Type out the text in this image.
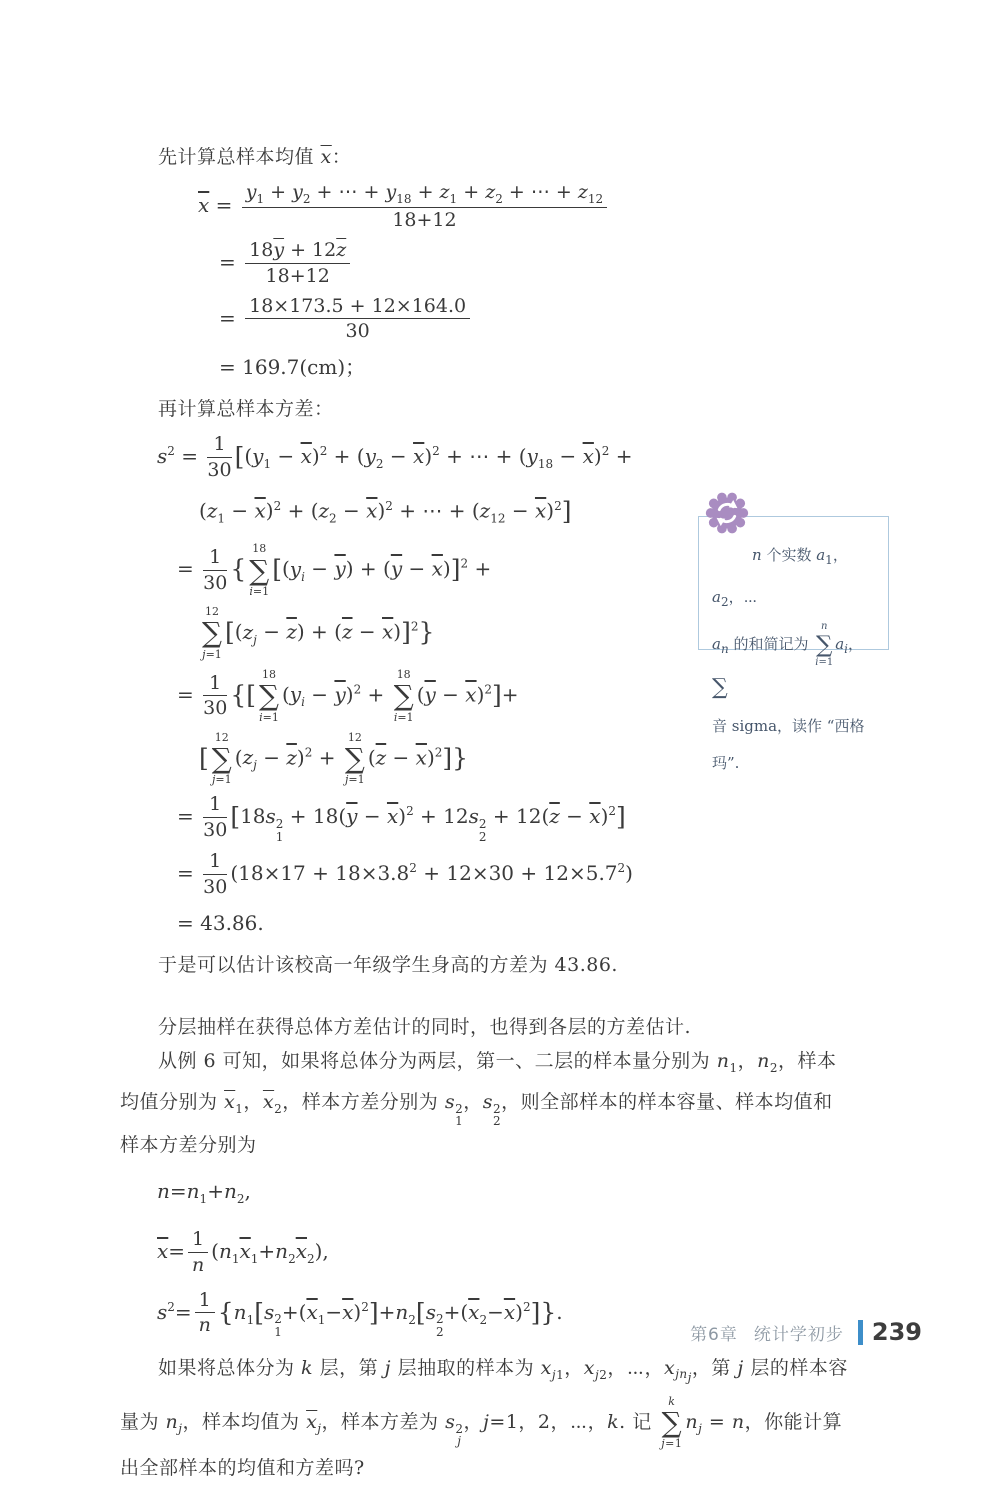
先计算总样本均值 $\overline{x}$：
$\overline{x} = \frac{y_1 + y_2 + \cdots + y_{18} + z_1 + z_2 + \cdots + z_{12}}{18+12}$
= $\frac{18\overline{y} + 12\overline{z}}{18+12}$
= $\frac{18\times 173.5 + 12\times 164.0}{30}$
= 169.7(cm)；
再计算总样本方差：
$s^2 = \frac{1}{30} [(y_1 - \overline{x})^2 + (y_2 - \overline{x})^2$ + ⋯ + $(y_{18} - \overline{x})^2$ +
$(z_1 - \overline{x})^2 + (z_2 - \overline{x})^2$ + ⋯ + $(z_{12} - \overline{x})^2$]
= $\frac{1}{30}$ {
18
∑
i=1
$[(y_i - \overline{y}) + (\overline{y} - \overline{x})]^2$ +
12
∑
j=1
$[(z_j - \overline{z}) + (\overline{z} - \overline{x})]^2$}
= $\frac{1}{30}$ {[
18
∑
i=1
$(y_i - \overline{y})^2$ +
18
∑
i=1
$(\overline{y} - \overline{x})^2]+$
[
12
∑
j=1
$(z_j - \overline{z})^2$ +
12
∑
j=1
$(\overline{z} - \overline{x})^2$]}
= $\frac{1}{30} [18s$ 2
1
+ $18(\overline{y} - \overline{x})^2 + 12s$ 2
2
+ $12(\overline{z} - \overline{x})^2$]
= $\frac{1}{30} (18\times 17 + 18\times 3.8^2 + 12\times 30 + 12\times 5.7^2)$
= 43.86.
于是可以估计该校高一年级学生身高的方差为 43.86.
分层抽样在获得总体方差估计的同时，也得到各层的方差估计.
从例 6 可知，如果将总体分为两层，第一、二层的样本量分别为 $n_1$，$n_2$，样本
均值分别为 $\overline{x}_1$，$\overline{x}_2$，样本方差分别为 s 2
1
，s 2
2
，则全部样本的样本容量、样本均值和
样本方差分别为
$n=n_1+n_2$,
$\overline{x}= \frac{1}{n} (n_1\overline{x}_1+n_2\overline{x}_2)$,
$s^2= \frac{1}{n} \{n_1[s$ 2
1
$+(\overline{x}_1-\overline{x})^2]+n_2[s$ 2
2
$+(\overline{x}_2-\overline{x})^2$]}.
如果将总体分为 k 层，第 j 层抽取的样本为 $x_{j1}$，$x_{j2}$，⋯，$x_{jn_j}$，第 j 层的样本容
量为 $n_j$，样本均值为 $\overline{x}_j$，样本方差为 s 2
j
，j=1，2，⋯，k. 记
k
∑
j=1
$n_j = n$，你能计算
出全部样本的均值和方差吗?
n 个实数 $a_1$，$a_2$，⋯
$a_n$ 的和简记为
n
∑
i=1
$a_i$，∑
音 sigma，读作 “西格玛”.
第6章 统计学初步 239
